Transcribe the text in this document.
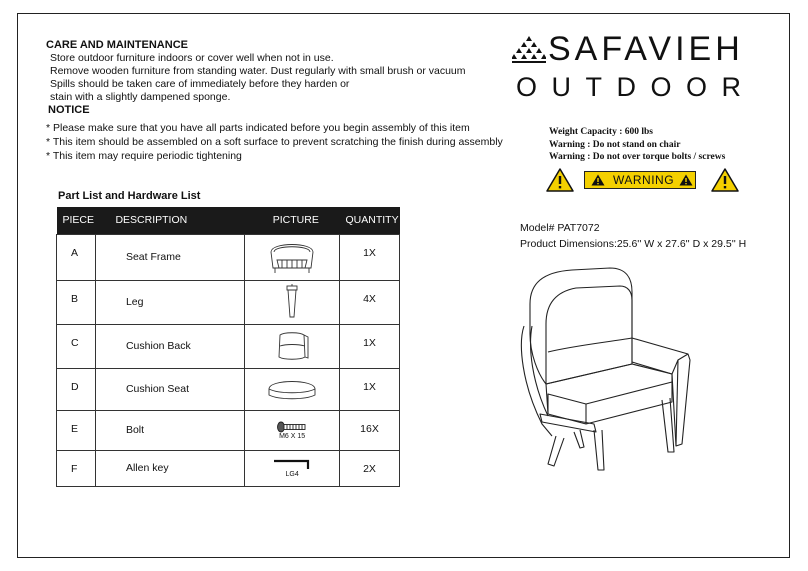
CARE AND MAINTENANCE
Store outdoor furniture indoors or cover well when not in use.
Remove wooden furniture from standing water. Dust regularly with small brush or vacuum
Spills should be taken care of immediately before they harden or
stain with a slightly dampened sponge.
NOTICE
* Please make sure that you have all parts indicated before you begin assembly of this item
* This item should be assembled on a soft surface to prevent scratching the finish during assembly
* This item may require periodic tightening
SAFAVIEH
OUTDOOR
Weight Capacity : 600 lbs
Warning : Do not stand on chair
Warning : Do not over torque bolts / screws
WARNING
Part List and Hardware List
PIECE	DESCRIPTION	PICTURE	QUANTITY
A	Seat Frame		1X
B	Leg		4X
C	Cushion Back		1X
D	Cushion Seat		1X
E	Bolt	M6 X 15	16X
F	Allen key	LG4	2X
Model# PAT7072
Product Dimensions:25.6'' W x 27.6'' D x 29.5'' H
